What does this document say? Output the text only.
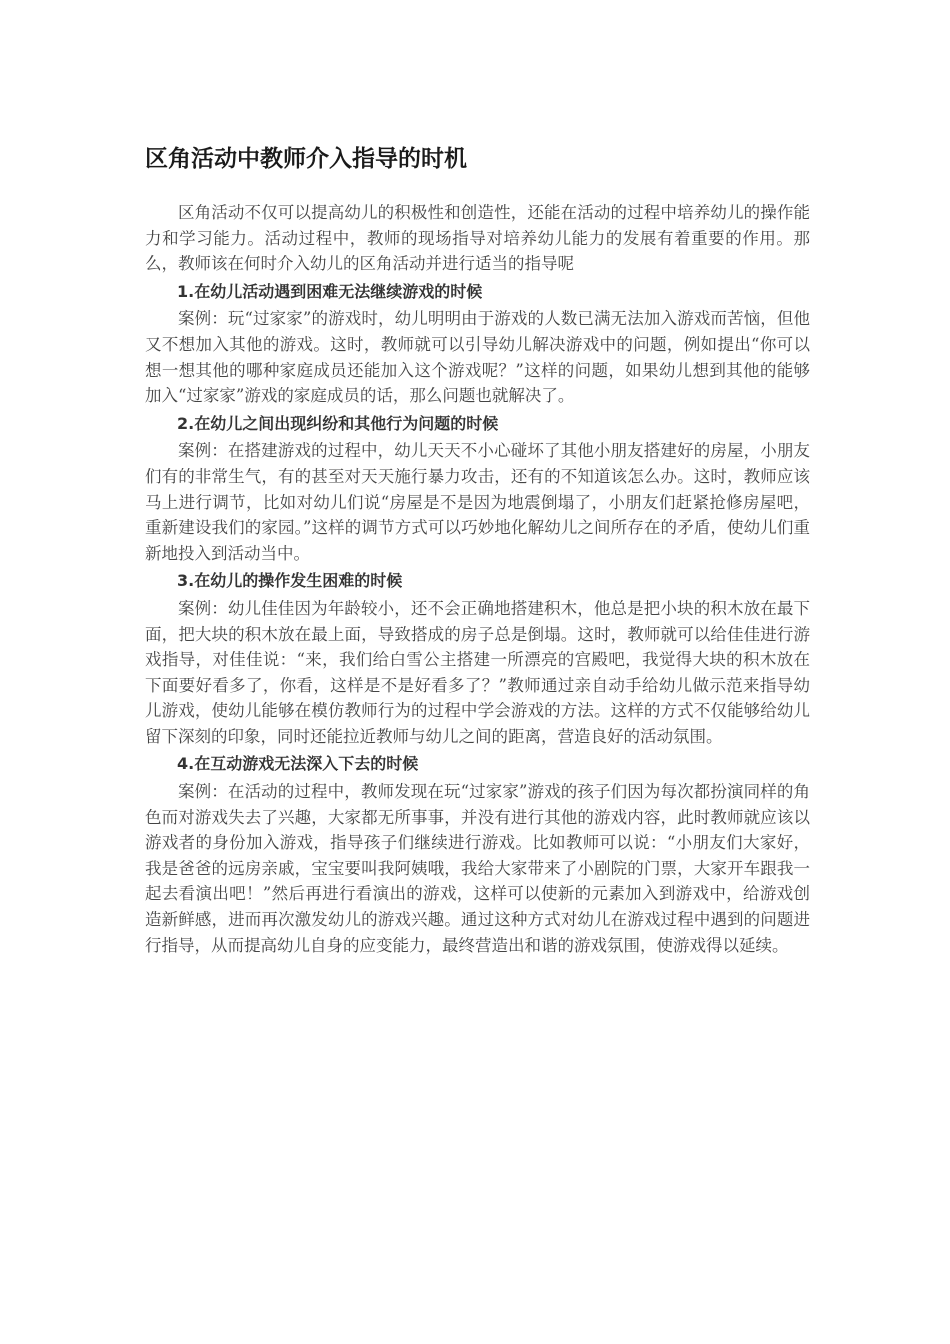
区角活动中教师介入指导的时机

区角活动不仅可以提高幼儿的积极性和创造性，还能在活动的过程中培养幼儿的操作能力和学习能力。活动过程中，教师的现场指导对培养幼儿能力的发展有着重要的作用。那么，教师该在何时介入幼儿的区角活动并进行适当的指导呢

1.在幼儿活动遇到困难无法继续游戏的时候

案例：玩“过家家”的游戏时，幼儿明明由于游戏的人数已满无法加入游戏而苦恼，但他又不想加入其他的游戏。这时，教师就可以引导幼儿解决游戏中的问题，例如提出“你可以想一想其他的哪种家庭成员还能加入这个游戏呢？”这样的问题，如果幼儿想到其他的能够加入“过家家”游戏的家庭成员的话，那么问题也就解决了。

2.在幼儿之间出现纠纷和其他行为问题的时候

案例：在搭建游戏的过程中，幼儿天天不小心碰坏了其他小朋友搭建好的房屋，小朋友们有的非常生气，有的甚至对天天施行暴力攻击，还有的不知道该怎么办。这时，教师应该马上进行调节，比如对幼儿们说“房屋是不是因为地震倒塌了，小朋友们赶紧抢修房屋吧，重新建设我们的家园。”这样的调节方式可以巧妙地化解幼儿之间所存在的矛盾，使幼儿们重新地投入到活动当中。

3.在幼儿的操作发生困难的时候

案例：幼儿佳佳因为年龄较小，还不会正确地搭建积木，他总是把小块的积木放在最下面，把大块的积木放在最上面，导致搭成的房子总是倒塌。这时，教师就可以给佳佳进行游戏指导，对佳佳说：“来，我们给白雪公主搭建一所漂亮的宫殿吧，我觉得大块的积木放在下面要好看多了，你看，这样是不是好看多了？”教师通过亲自动手给幼儿做示范来指导幼儿游戏，使幼儿能够在模仿教师行为的过程中学会游戏的方法。这样的方式不仅能够给幼儿留下深刻的印象，同时还能拉近教师与幼儿之间的距离，营造良好的活动氛围。

4.在互动游戏无法深入下去的时候

案例：在活动的过程中，教师发现在玩“过家家”游戏的孩子们因为每次都扮演同样的角色而对游戏失去了兴趣，大家都无所事事，并没有进行其他的游戏内容，此时教师就应该以游戏者的身份加入游戏，指导孩子们继续进行游戏。比如教师可以说：“小朋友们大家好，我是爸爸的远房亲戚，宝宝要叫我阿姨哦，我给大家带来了小剧院的门票，大家开车跟我一起去看演出吧！”然后再进行看演出的游戏，这样可以使新的元素加入到游戏中，给游戏创造新鲜感，进而再次激发幼儿的游戏兴趣。通过这种方式对幼儿在游戏过程中遇到的问题进行指导，从而提高幼儿自身的应变能力，最终营造出和谐的游戏氛围，使游戏得以延续。
